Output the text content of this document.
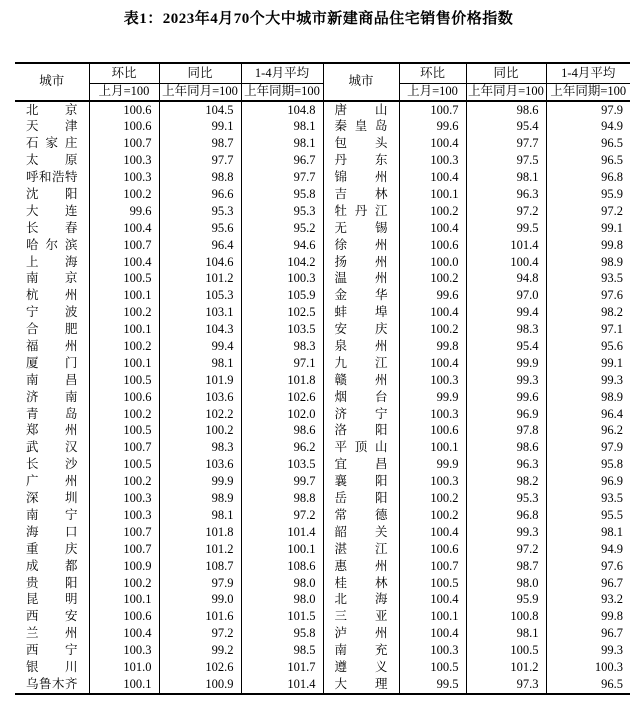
表1：2023年4月70个大中城市新建商品住宅销售价格指数
城市	环比	同比	1-4月平均	城市	环比	同比	1-4月平均
	上月=100	上年同月=100	上年同期=100		上月=100	上年同月=100	上年同期=100
北京	100.6	104.5	104.8	唐山	100.7	98.6	97.9
天津	100.6	99.1	98.1	秦皇岛	99.6	95.4	94.9
石家庄	100.7	98.7	98.1	包头	100.4	97.7	96.5
太原	100.3	97.7	96.7	丹东	100.3	97.5	96.5
呼和浩特	100.3	98.8	97.7	锦州	100.4	98.1	96.8
沈阳	100.2	96.6	95.8	吉林	100.1	96.3	95.9
大连	99.6	95.3	95.3	牡丹江	100.2	97.2	97.2
长春	100.4	95.6	95.2	无锡	100.4	99.5	99.1
哈尔滨	100.7	96.4	94.6	徐州	100.6	101.4	99.8
上海	100.4	104.6	104.2	扬州	100.0	100.4	98.9
南京	100.5	101.2	100.3	温州	100.2	94.8	93.5
杭州	100.1	105.3	105.9	金华	99.6	97.0	97.6
宁波	100.2	103.1	102.5	蚌埠	100.4	99.4	98.2
合肥	100.1	104.3	103.5	安庆	100.2	98.3	97.1
福州	100.2	99.4	98.3	泉州	99.8	95.4	95.6
厦门	100.1	98.1	97.1	九江	100.4	99.9	99.1
南昌	100.5	101.9	101.8	赣州	100.3	99.3	99.3
济南	100.6	103.6	102.6	烟台	99.9	99.6	98.9
青岛	100.2	102.2	102.0	济宁	100.3	96.9	96.4
郑州	100.5	100.2	98.6	洛阳	100.6	97.8	96.2
武汉	100.7	98.3	96.2	平顶山	100.1	98.6	97.9
长沙	100.5	103.6	103.5	宜昌	99.9	96.3	95.8
广州	100.2	99.9	99.7	襄阳	100.3	98.2	96.9
深圳	100.3	98.9	98.8	岳阳	100.2	95.3	93.5
南宁	100.3	98.1	97.2	常德	100.2	96.8	95.5
海口	100.7	101.8	101.4	韶关	100.4	99.3	98.1
重庆	100.7	101.2	100.1	湛江	100.6	97.2	94.9
成都	100.9	108.7	108.6	惠州	100.7	98.7	97.6
贵阳	100.2	97.9	98.0	桂林	100.5	98.0	96.7
昆明	100.1	99.0	98.0	北海	100.4	95.9	93.2
西安	100.6	101.6	101.5	三亚	100.1	100.8	99.8
兰州	100.4	97.2	95.8	泸州	100.4	98.1	96.7
西宁	100.3	99.2	98.5	南充	100.3	100.5	99.3
银川	101.0	102.6	101.7	遵义	100.5	101.2	100.3
乌鲁木齐	100.1	100.9	101.4	大理	99.5	97.3	96.5
